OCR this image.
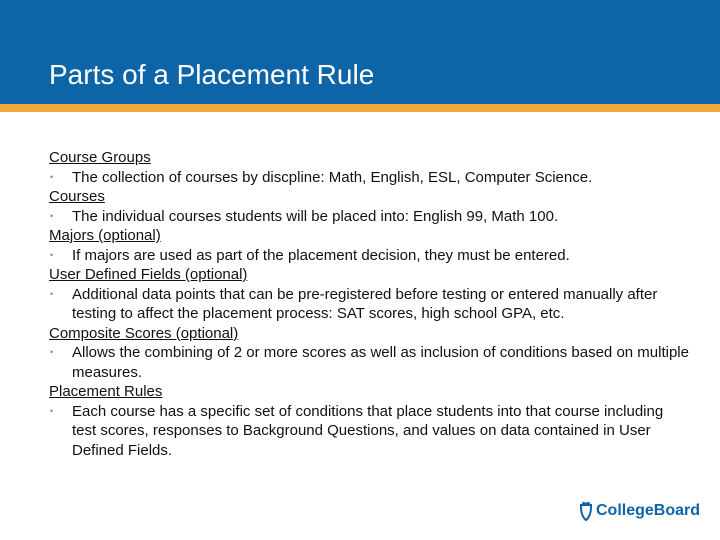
Parts of a Placement Rule
Course Groups
• The collection of courses by discpline: Math, English, ESL, Computer Science.
Courses
• The individual courses students will be placed into: English 99, Math 100.
Majors (optional)
• If majors are used as part of the placement decision, they must be entered.
User Defined Fields (optional)
• Additional data points that can be pre-registered before testing or entered manually after testing to affect the placement process: SAT scores, high school GPA, etc.
Composite Scores (optional)
• Allows the combining of 2 or more scores as well as inclusion of conditions based on multiple measures.
Placement Rules
• Each course has a specific set of conditions that place students into that course including test scores, responses to Background Questions, and values on data contained in User Defined Fields.
CollegeBoard
